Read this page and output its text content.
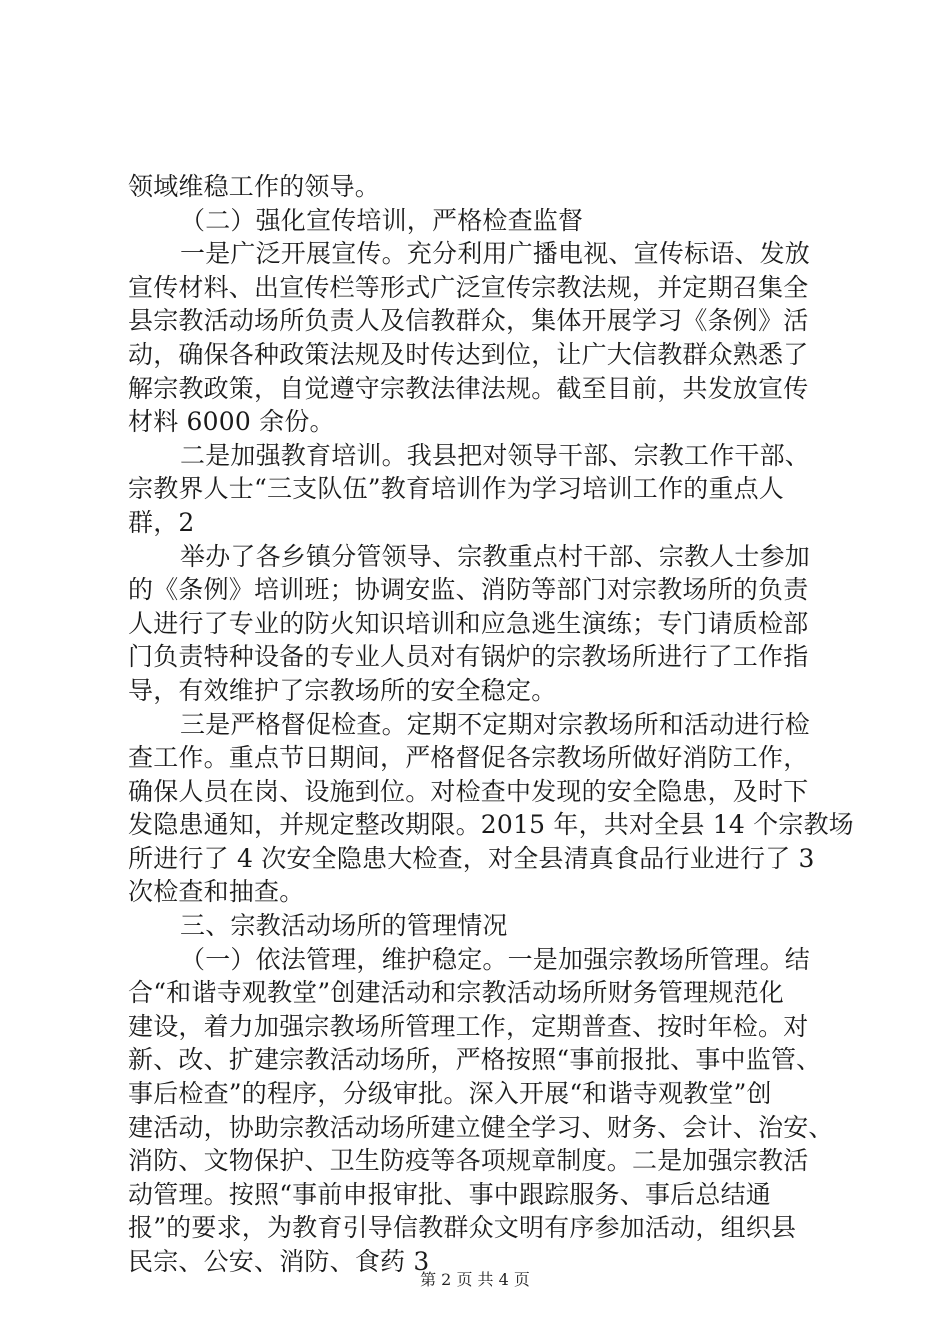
领域维稳工作的领导。
（二）强化宣传培训，严格检查监督
一是广泛开展宣传。充分利用广播电视、宣传标语、发放
宣传材料、出宣传栏等形式广泛宣传宗教法规，并定期召集全
县宗教活动场所负责人及信教群众，集体开展学习《条例》活
动，确保各种政策法规及时传达到位，让广大信教群众熟悉了
解宗教政策，自觉遵守宗教法律法规。截至目前，共发放宣传
材料 6000 余份。
二是加强教育培训。我县把对领导干部、宗教工作干部、
宗教界人士“三支队伍”教育培训作为学习培训工作的重点人
群，2
举办了各乡镇分管领导、宗教重点村干部、宗教人士参加
的《条例》培训班；协调安监、消防等部门对宗教场所的负责
人进行了专业的防火知识培训和应急逃生演练；专门请质检部
门负责特种设备的专业人员对有锅炉的宗教场所进行了工作指
导，有效维护了宗教场所的安全稳定。
三是严格督促检查。定期不定期对宗教场所和活动进行检
查工作。重点节日期间，严格督促各宗教场所做好消防工作，
确保人员在岗、设施到位。对检查中发现的安全隐患，及时下
发隐患通知，并规定整改期限。2015 年，共对全县 14 个宗教场
所进行了 4 次安全隐患大检查，对全县清真食品行业进行了 3
次检查和抽查。
三、宗教活动场所的管理情况
（一）依法管理，维护稳定。一是加强宗教场所管理。结
合“和谐寺观教堂”创建活动和宗教活动场所财务管理规范化
建设，着力加强宗教场所管理工作，定期普查、按时年检。对
新、改、扩建宗教活动场所，严格按照“事前报批、事中监管、
事后检查”的程序，分级审批。深入开展“和谐寺观教堂”创
建活动，协助宗教活动场所建立健全学习、财务、会计、治安、
消防、文物保护、卫生防疫等各项规章制度。二是加强宗教活
动管理。按照“事前申报审批、事中跟踪服务、事后总结通
报”的要求，为教育引导信教群众文明有序参加活动，组织县
民宗、公安、消防、食药 3
第 2 页 共 4 页
